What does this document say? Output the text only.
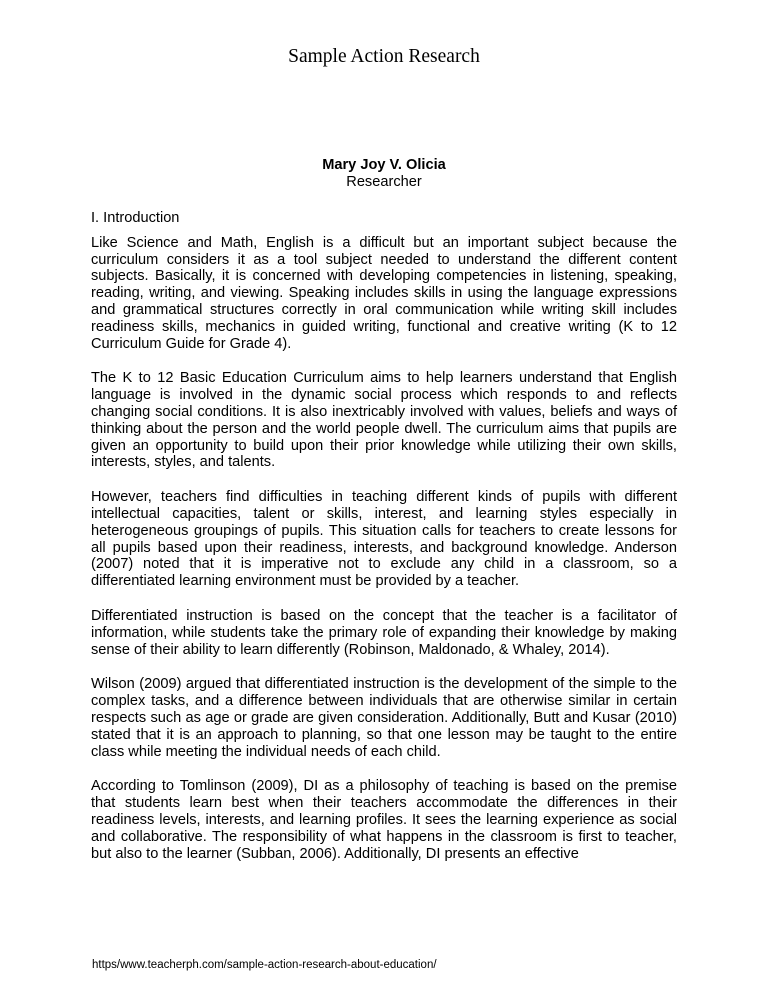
Sample Action Research
Mary Joy V. Olicia
Researcher

I. Introduction

Like Science and Math, English is a difficult but an important subject because the curriculum considers it as a tool subject needed to understand the different content subjects. Basically, it is concerned with developing competencies in listening, speaking, reading, writing, and viewing. Speaking includes skills in using the language expressions and grammatical structures correctly in oral communication while writing skill includes readiness skills, mechanics in guided writing, functional and creative writing (K to 12 Curriculum Guide for Grade 4).

The K to 12 Basic Education Curriculum aims to help learners understand that English language is involved in the dynamic social process which responds to and reflects changing social conditions. It is also inextricably involved with values, beliefs and ways of thinking about the person and the world people dwell. The curriculum aims that pupils are given an opportunity to build upon their prior knowledge while utilizing their own skills, interests, styles, and talents.

However, teachers find difficulties in teaching different kinds of pupils with different intellectual capacities, talent or skills, interest, and learning styles especially in heterogeneous groupings of pupils. This situation calls for teachers to create lessons for all pupils based upon their readiness, interests, and background knowledge. Anderson (2007) noted that it is imperative not to exclude any child in a classroom, so a differentiated learning environment must be provided by a teacher.

Differentiated instruction is based on the concept that the teacher is a facilitator of information, while students take the primary role of expanding their knowledge by making sense of their ability to learn differently (Robinson, Maldonado, & Whaley, 2014).

Wilson (2009) argued that differentiated instruction is the development of the simple to the complex tasks, and a difference between individuals that are otherwise similar in certain respects such as age or grade are given consideration. Additionally, Butt and Kusar (2010) stated that it is an approach to planning, so that one lesson may be taught to the entire class while meeting the individual needs of each child.

According to Tomlinson (2009), DI as a philosophy of teaching is based on the premise that students learn best when their teachers accommodate the differences in their readiness levels, interests, and learning profiles. It sees the learning experience as social and collaborative. The responsibility of what happens in the classroom is first to teacher, but also to the learner (Subban, 2006). Additionally, DI presents an effective

https/www.teacherph.com/sample-action-research-about-education/
